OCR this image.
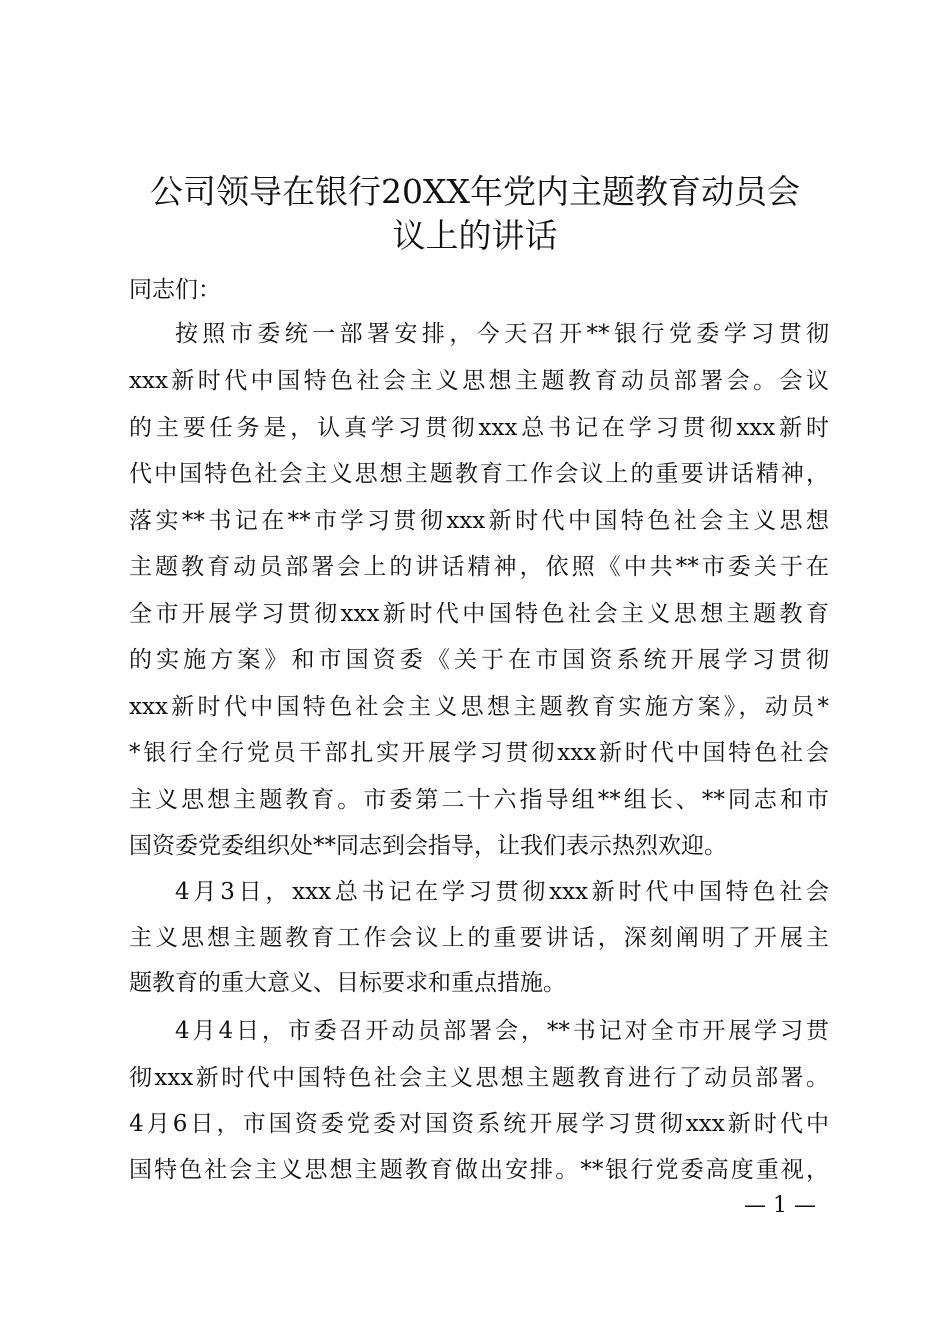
公司领导在银行20XX年党内主题教育动员会
议上的讲话
同志们：
按照市委统一部署安排，今天召开**银行党委学习贯彻
xxx新时代中国特色社会主义思想主题教育动员部署会。会议
的主要任务是，认真学习贯彻xxx总书记在学习贯彻xxx新时
代中国特色社会主义思想主题教育工作会议上的重要讲话精神，
落实**书记在**市学习贯彻xxx新时代中国特色社会主义思想
主题教育动员部署会上的讲话精神，依照《中共**市委关于在
全市开展学习贯彻xxx新时代中国特色社会主义思想主题教育
的实施方案》和市国资委《关于在市国资系统开展学习贯彻
xxx新时代中国特色社会主义思想主题教育实施方案》，动员*
*银行全行党员干部扎实开展学习贯彻xxx新时代中国特色社会
主义思想主题教育。市委第二十六指导组**组长、**同志和市
国资委党委组织处**同志到会指导，让我们表示热烈欢迎。
4月3日，xxx总书记在学习贯彻xxx新时代中国特色社会
主义思想主题教育工作会议上的重要讲话，深刻阐明了开展主
题教育的重大意义、目标要求和重点措施。
4月4日，市委召开动员部署会，**书记对全市开展学习贯
彻xxx新时代中国特色社会主义思想主题教育进行了动员部署。
4月6日，市国资委党委对国资系统开展学习贯彻xxx新时代中
国特色社会主义思想主题教育做出安排。**银行党委高度重视，
— 1 —
